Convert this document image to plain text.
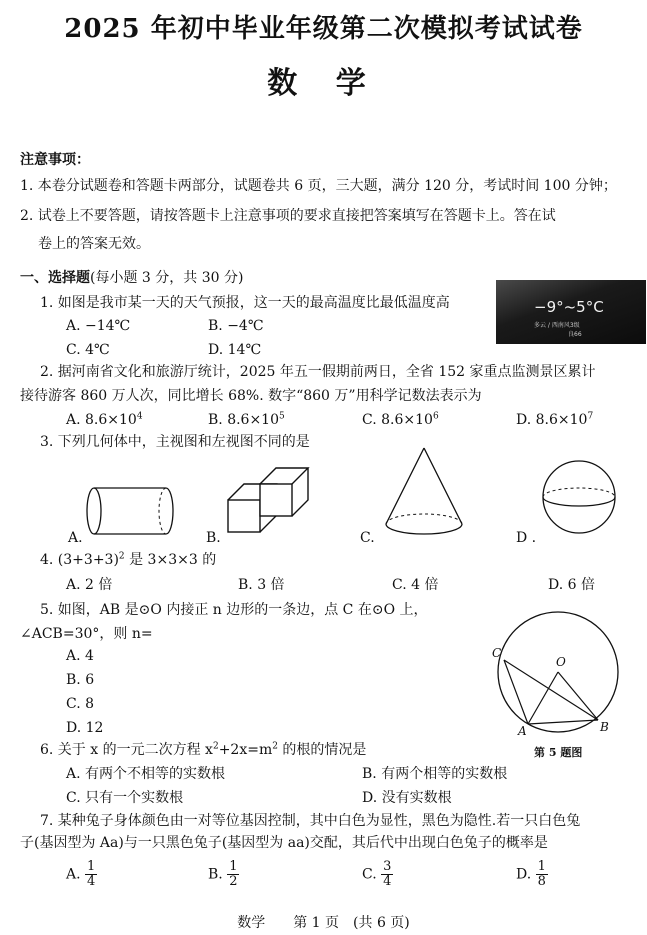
2025 年初中毕业年级第二次模拟考试试卷
数 学
注意事项：
1. 本卷分试题卷和答题卡两部分，试题卷共 6 页，三大题，满分 120 分，考试时间 100 分钟；
2. 试卷上不要答题，请按答题卡上注意事项的要求直接把答案填写在答题卡上。答在试
卷上的答案无效。
一、选择题(每小题 3 分，共 30 分)
1. 如图是我市某一天的天气预报，这一天的最高温度比最低温度高
A. −14℃	B. −4℃
C. 4℃	D. 14℃
−9°~5°C
多云 / 西南风3级
良66
2. 据河南省文化和旅游厅统计，2025 年五一假期前两日，全省 152 家重点监测景区累计
接待游客 860 万人次，同比增长 68%. 数字“860 万”用科学记数法表示为
A. $8.6\times 10^4$	B. $8.6\times 10^5$	C. $8.6\times 10^6$	D. $8.6\times 10^7$
3. 下列几何体中，主视图和左视图不同的是
A.	B.	C.	D .
4. $(3+3+3)^2$ 是 3×3×3 的
A. 2 倍	B. 3 倍	C. 4 倍	D. 6 倍
5. 如图，AB 是⊙O 内接正 n 边形的一条边，点 C 在⊙O 上，
∠ACB=30°，则 n=
A. 4
B. 6
C. 8
D. 12
C
O
A	B
第 5 题图
6. 关于 x 的一元二次方程 $x^2+2x=m^2$ 的根的情况是
A. 有两个不相等的实数根	B. 有两个相等的实数根
C. 只有一个实数根	D. 没有实数根
7. 某种兔子身体颜色由一对等位基因控制，其中白色为显性，黑色为隐性.若一只白色兔
子(基因型为 Aa)与一只黑色兔子(基因型为 aa)交配，其后代中出现白色兔子的概率是
A. $\frac{1}{4}$	B. $\frac{1}{2}$	C. $\frac{3}{4}$	D. $\frac{1}{8}$
数学　　第 1 页　(共 6 页)
